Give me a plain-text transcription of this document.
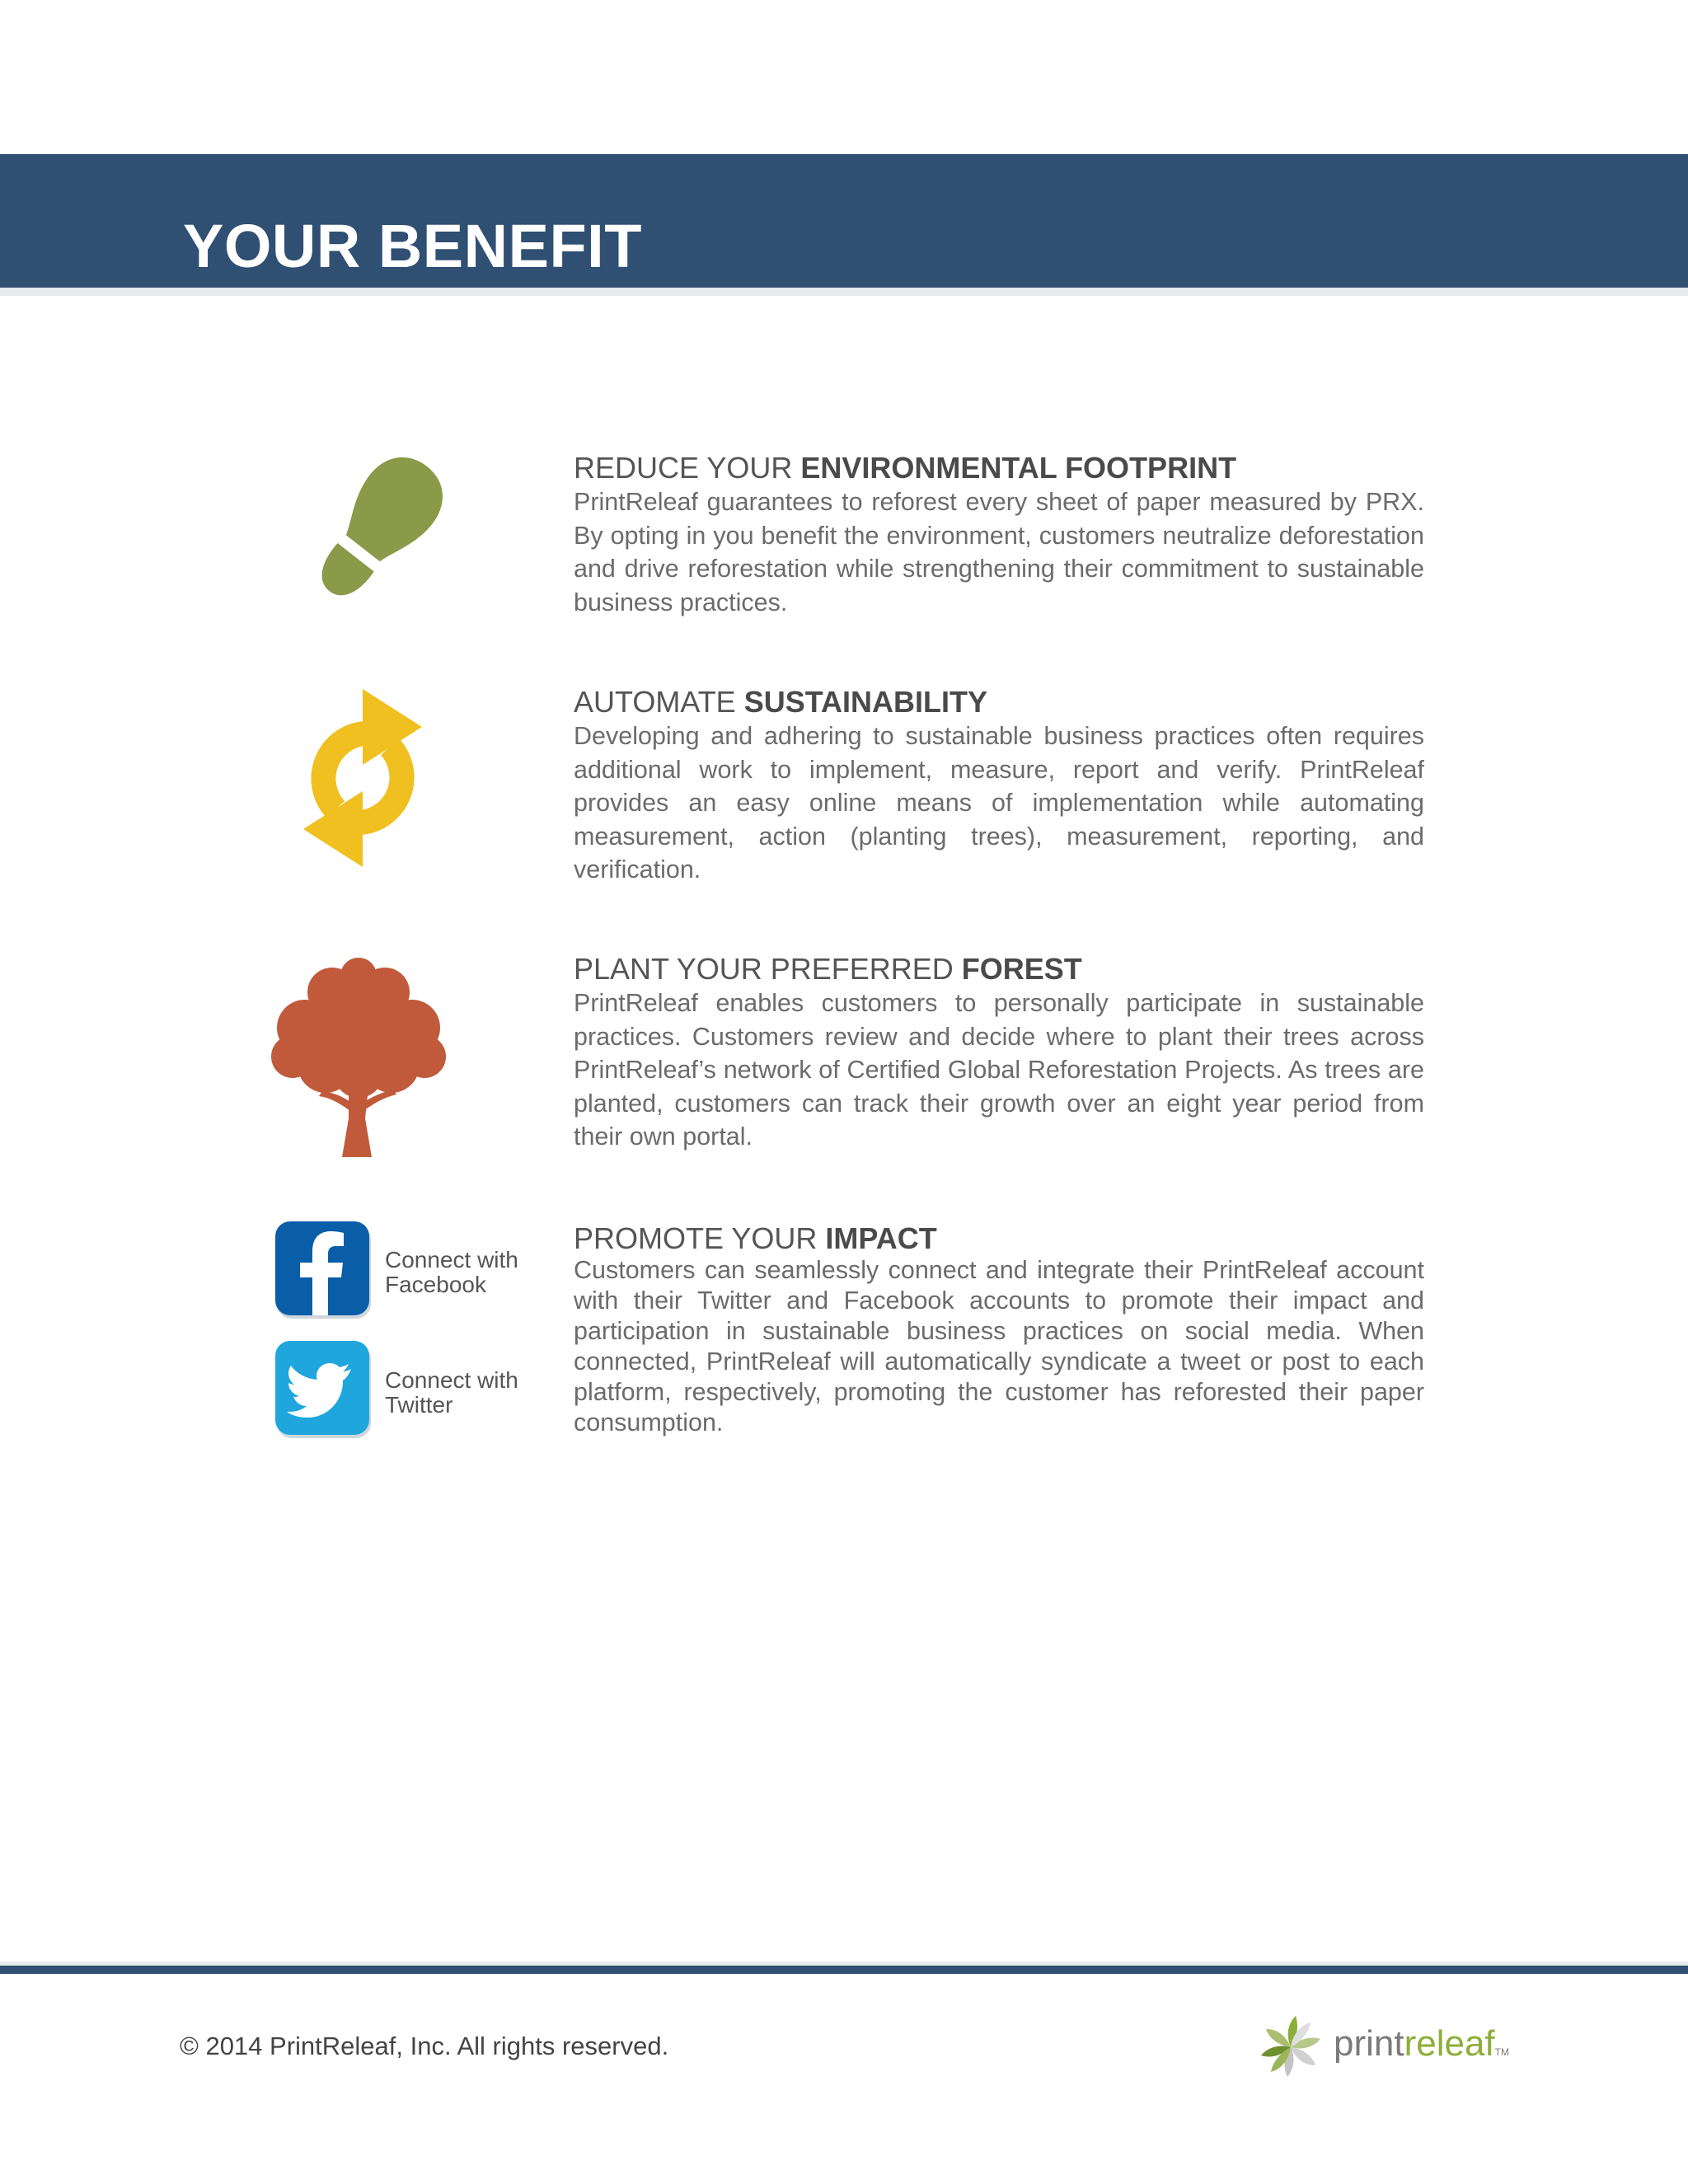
YOUR BENEFIT
REDUCE YOUR ENVIRONMENTAL FOOTPRINT

PrintReleaf guarantees to reforest every sheet of paper measured by PRX. By opting in you benefit the environment, customers neutralize deforestation and drive reforestation while strengthening their commitment to sustainable business practices.

AUTOMATE SUSTAINABILITY

Developing and adhering to sustainable business practices often requires additional work to implement, measure, report and verify. PrintReleaf provides an easy online means of implementation while automating measurement, action (planting trees), measurement, reporting, and verification.

PLANT YOUR PREFERRED FOREST

PrintReleaf enables customers to personally participate in sustainable practices. Customers review and decide where to plant their trees across PrintReleaf’s network of Certified Global Reforestation Projects. As trees are planted, customers can track their growth over an eight year period from their own portal.

Connect with
Facebook
Connect with
Twitter
PROMOTE YOUR IMPACT

Customers can seamlessly connect and integrate their PrintReleaf account with their Twitter and Facebook accounts to promote their impact and participation in sustainable business practices on social media. When connected, PrintReleaf will automatically syndicate a tweet or post to each platform, respectively, promoting the customer has reforested their paper consumption.

© 2014 PrintReleaf, Inc. All rights reserved.	printreleafTM
